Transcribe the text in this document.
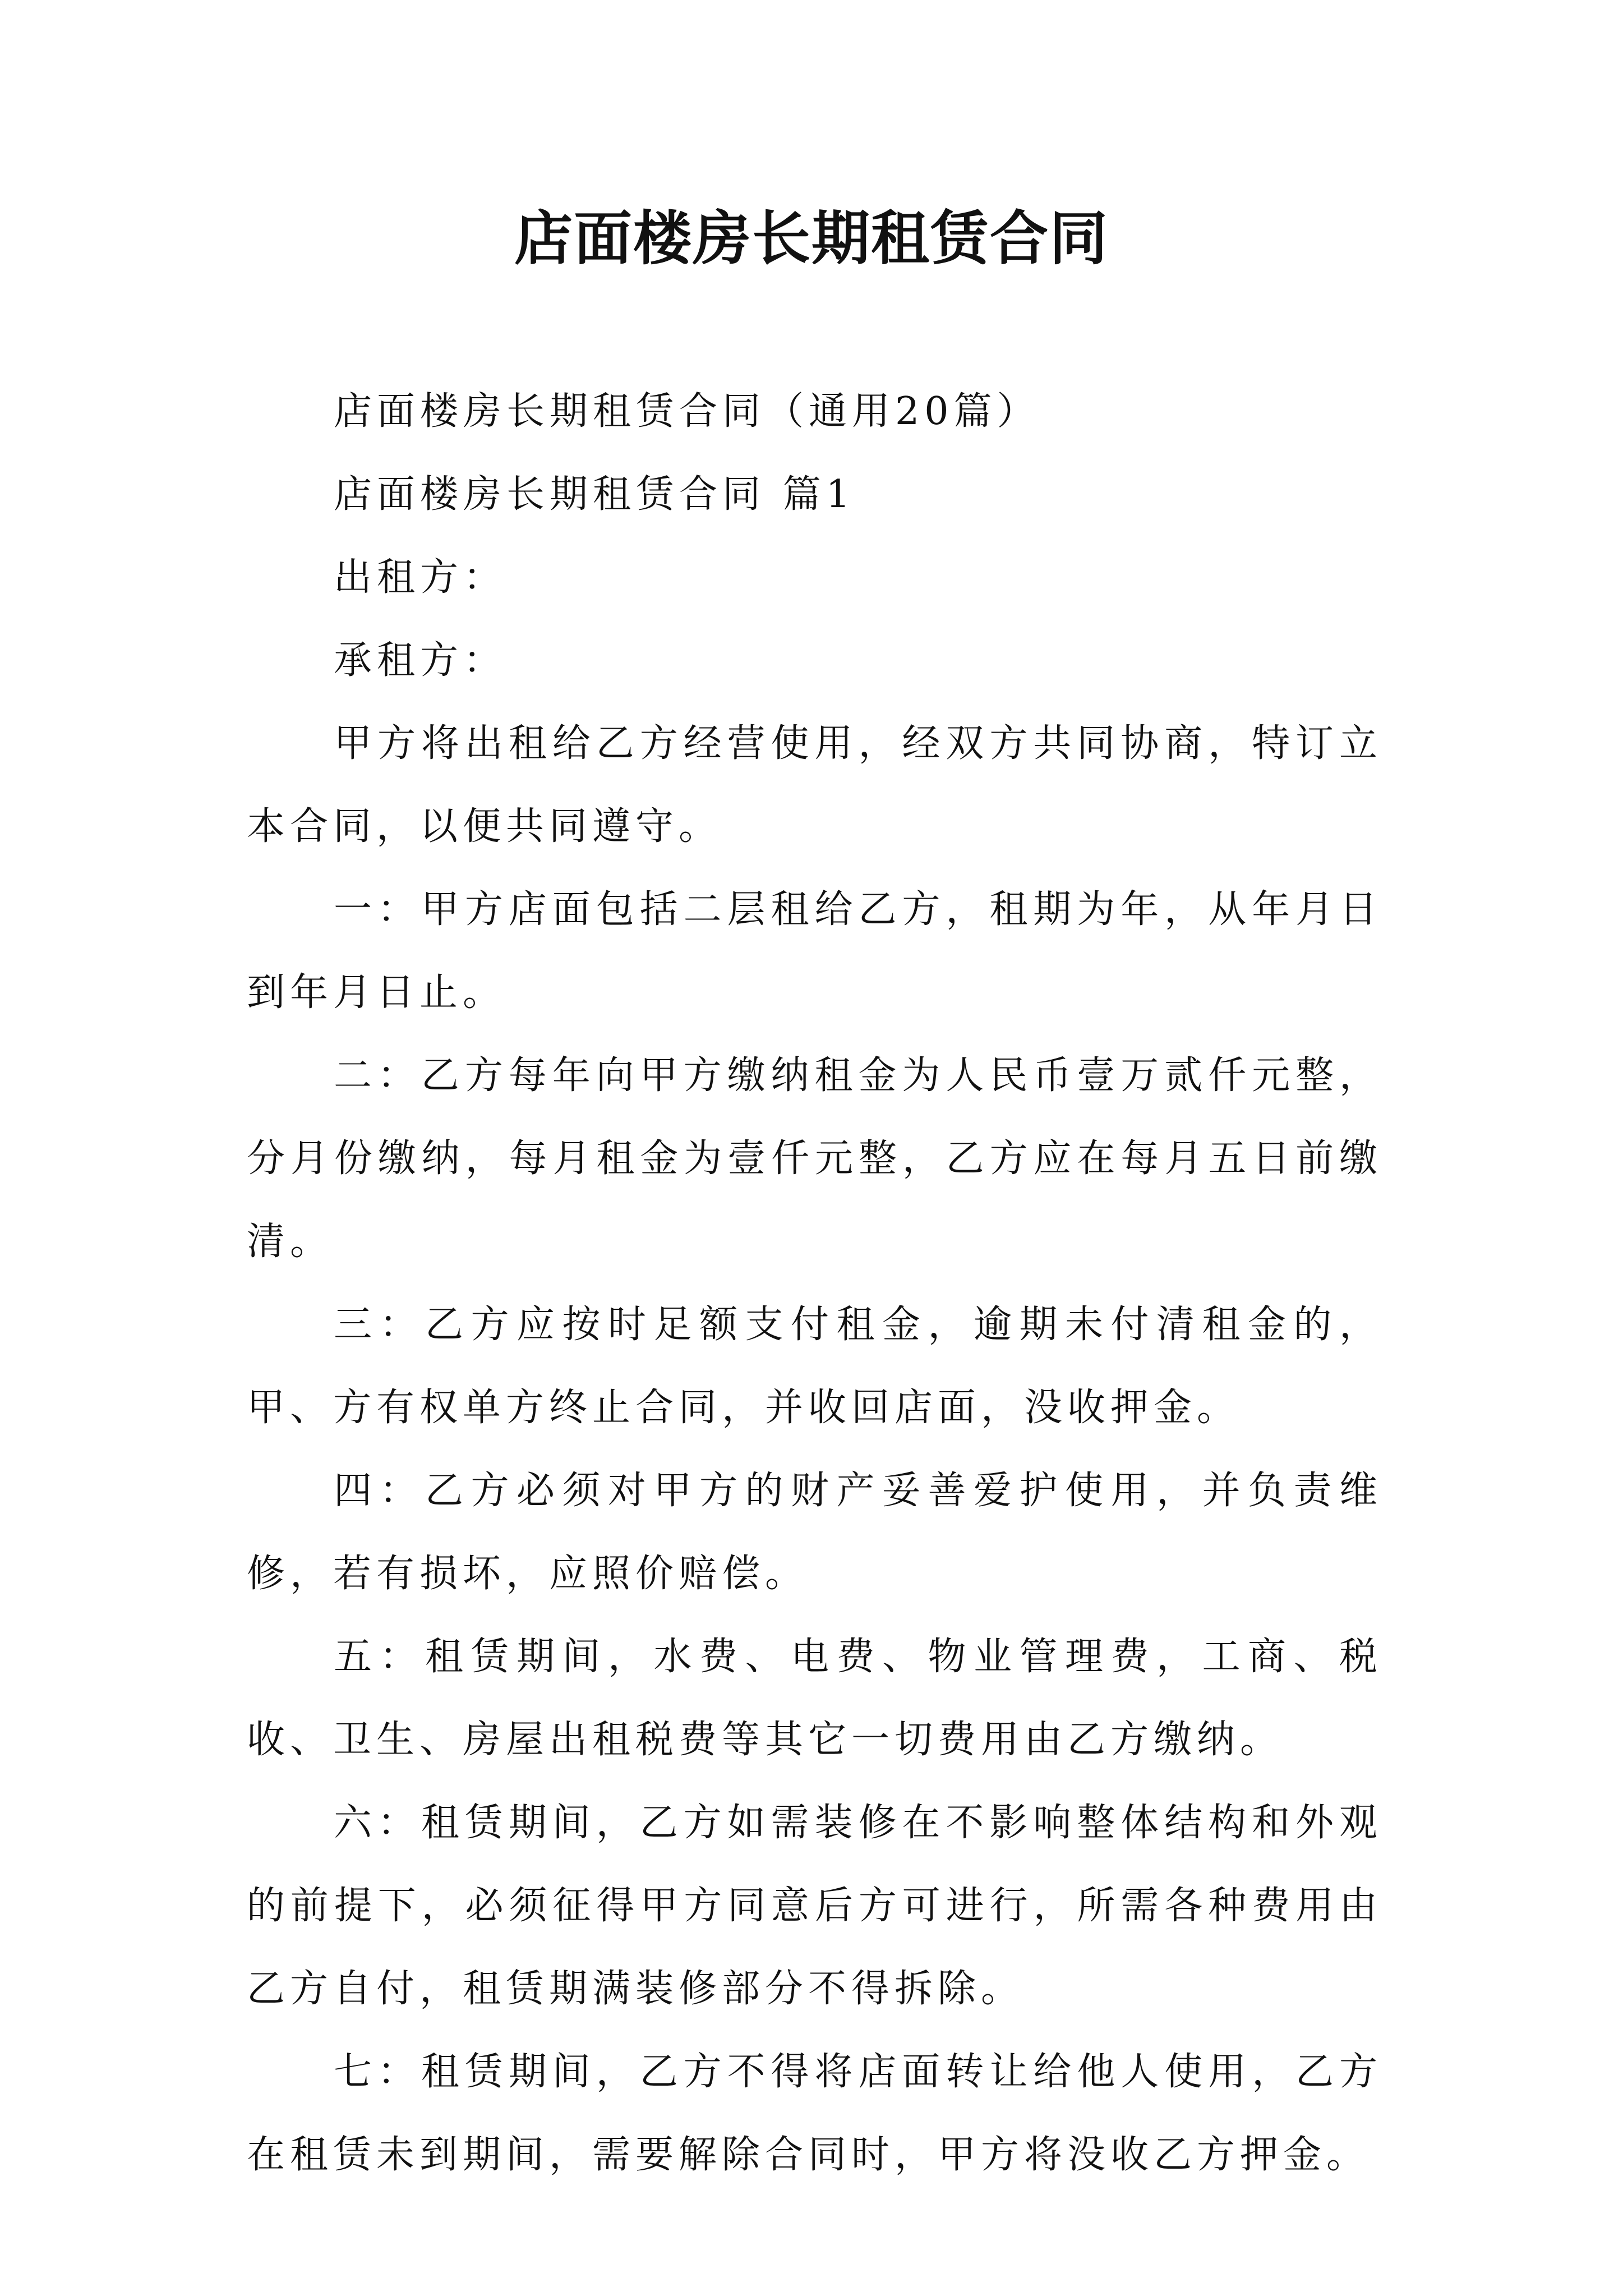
店面楼房长期租赁合同

店面楼房长期租赁合同（通用20篇）

店面楼房长期租赁合同 篇1

出租方：

承租方：

甲方将出租给乙方经营使用，经双方共同协商，特订立本合同，以便共同遵守。

一：甲方店面包括二层租给乙方，租期为年，从年月日到年月日止。

二：乙方每年向甲方缴纳租金为人民币壹万贰仟元整，分月份缴纳，每月租金为壹仟元整，乙方应在每月五日前缴清。

三：乙方应按时足额支付租金，逾期未付清租金的，甲、方有权单方终止合同，并收回店面，没收押金。

四：乙方必须对甲方的财产妥善爱护使用，并负责维修，若有损坏，应照价赔偿。

五：租赁期间，水费、电费、物业管理费，工商、税收、卫生、房屋出租税费等其它一切费用由乙方缴纳。

六：租赁期间，乙方如需装修在不影响整体结构和外观的前提下，必须征得甲方同意后方可进行，所需各种费用由乙方自付，租赁期满装修部分不得拆除。

七：租赁期间，乙方不得将店面转让给他人使用，乙方在租赁未到期间，需要解除合同时，甲方将没收乙方押金。
